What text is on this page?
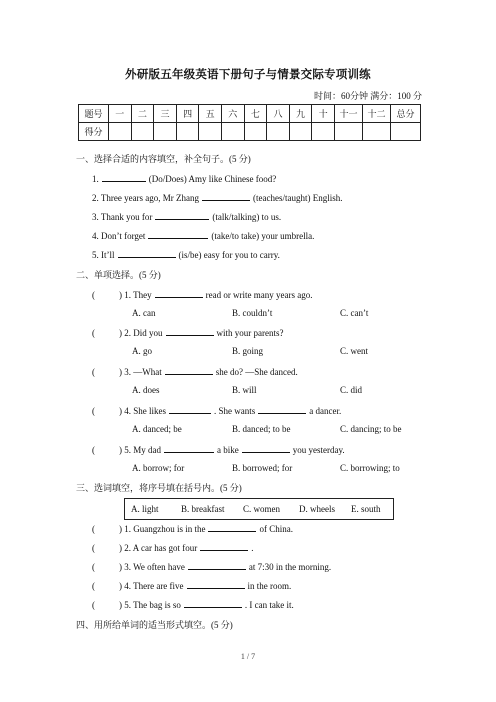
外研版五年级英语下册句子与情景交际专项训练
时间：60分钟 满分：100 分
题号	一	二	三	四	五	六	七	八	九	十	十一	十二	总分
得分													
一、选择合适的内容填空，补全句子。(5 分)
1.	(Do/Does) Amy like Chinese food?
2. Three years ago, Mr Zhang	(teaches/taught) English.
3. Thank you for	(talk/talking) to us.
4. Don’t forget	(take/to take) your umbrella.
5. It’ll	(is/be) easy for you to carry.
二、单项选择。(5 分)
(	) 1. They	read or write many years ago.
A. can	B. couldn’t	C. can’t
(	) 2. Did you	with your parents?
A. go	B. going	C. went
(	) 3. —What	she do? —She danced.
A. does	B. will	C. did
(	) 4. She likes	. She wants	a dancer.
A. danced; be	B. danced; to be	C. dancing; to be
(	) 5. My dad	a bike	you yesterday.
A. borrow; for	B. borrowed; for	C. borrowing; to
三、选词填空，将序号填在括号内。(5 分)
A. light B. breakfast C. women D. wheels E. south
(	) 1. Guangzhou is in the	of China.
(	) 2. A car has got four	.
(	) 3. We often have	at 7:30 in the morning.
(	) 4. There are five	in the room.
(	) 5. The bag is so	. I can take it.
四、用所给单词的适当形式填空。(5 分)
1 / 7
